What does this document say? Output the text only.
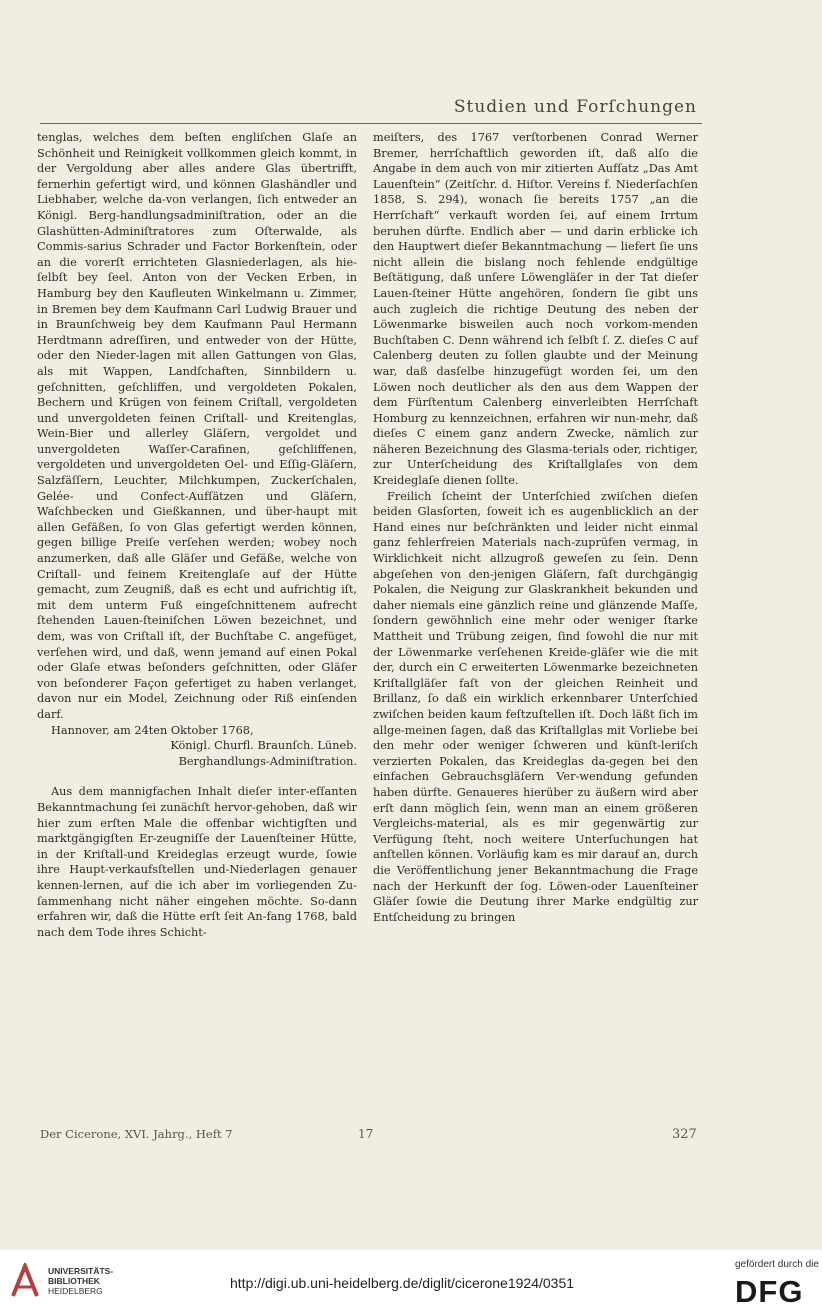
Studien und Forſchungen

tenglas, welches dem beſten engliſchen Glaſe an Schönheit und Reinigkeit vollkommen gleich kommt, in der Vergoldung aber alles andere Glas übertrifft, fernerhin gefertigt wird, und können Glashändler und Liebhaber, welche da-von verlangen, ſich entweder an Königl. Berg-handlungsadminiſtration, oder an die Glashütten-Adminiſtratores zum Oſterwalde, als Commis-sarius Schrader und Factor Borkenſtein, oder an die vorerſt errichteten Glasniederlagen, als hie-ſelbſt bey ſeel. Anton von der Vecken Erben, in Hamburg bey den Kaufleuten Winkelmann u. Zimmer, in Bremen bey dem Kaufmann Carl Ludwig Brauer und in Braunſchweig bey dem Kaufmann Paul Hermann Herdtmann adreſſiren, und entweder von der Hütte, oder den Nieder-lagen mit allen Gattungen von Glas, als mit Wappen, Landſchaften, Sinnbildern u. geſchnitten, geſchliffen, und vergoldeten Pokalen, Bechern und Krügen von feinem Criſtall, vergoldeten und unvergoldeten feinen Criſtall- und Kreitenglas, Wein-Bier und allerley Gläſern, vergoldet und unvergoldeten Waſſer-Carafinen, geſchliffenen, vergoldeten und unvergoldeten Oel- und Eſſig-Gläſern, Salzfäſſern, Leuchter, Milchkumpen, Zuckerſchalen, Gelée- und Confect-Aufſätzen und Gläſern, Waſchbecken und Gießkannen, und über-haupt mit allen Gefäßen, ſo von Glas gefertigt werden können, gegen billige Preiſe verſehen werden; wobey noch anzumerken, daß alle Gläſer und Gefäße, welche von Criſtall- und feinem Kreitenglaſe auf der Hütte gemacht, zum Zeugniß, daß es echt und aufrichtig iſt, mit dem unterm Fuß eingeſchnittenem aufrecht ſtehenden Lauen-ſteiniſchen Löwen bezeichnet, und dem, was von Criſtall iſt, der Buchſtabe C. angefüget, verſehen wird, und daß, wenn jemand auf einen Pokal oder Glaſe etwas beſonders geſchnitten, oder Gläſer von beſonderer Façon gefertiget zu haben verlanget, davon nur ein Model, Zeichnung oder Riß einſenden darf.

Hannover, am 24ten Oktober 1768,

Königl. Churfl. Braunſch. Lüneb.

Berghandlungs-Adminiſtration.

Aus dem mannigfachen Inhalt dieſer inter-eſſanten Bekanntmachung ſei zunächſt hervor-gehoben, daß wir hier zum erſten Male die offenbar wichtigſten und marktgängigſten Er-zeugniſſe der Lauenſteiner Hütte, in der Kriſtall-und Kreideglas erzeugt wurde, ſowie ihre Haupt-verkaufsſtellen und-Niederlagen genauer kennen-lernen, auf die ich aber im vorliegenden Zu-ſammenhang nicht näher eingehen möchte. So-dann erfahren wir, daß die Hütte erſt ſeit An-fang 1768, bald nach dem Tode ihres Schicht-

meiſters, des 1767 verſtorbenen Conrad Werner Bremer, herrſchaftlich geworden iſt, daß alſo die Angabe in dem auch von mir zitierten Aufſatz „Das Amt Lauenſtein“ (Zeitſchr. d. Hiſtor. Vereins f. Niederſachſen 1858, S. 294), wonach ſie bereits 1757 „an die Herrſchaft“ verkauft worden ſei, auf einem Irrtum beruhen dürfte. Endlich aber — und darin erblicke ich den Hauptwert dieſer Bekanntmachung — liefert ſie uns nicht allein die bislang noch fehlende endgültige Beſtätigung, daß unſere Löwengläſer in der Tat dieſer Lauen-ſteiner Hütte angehören, ſondern ſie gibt uns auch zugleich die richtige Deutung des neben der Löwenmarke bisweilen auch noch vorkom-menden Buchſtaben C. Denn während ich ſelbſt ſ. Z. dieſes C auf Calenberg deuten zu ſollen glaubte und der Meinung war, daß dasſelbe hinzugefügt worden ſei, um den Löwen noch deutlicher als den aus dem Wappen der dem Fürſtentum Calenberg einverleibten Herrſchaft Homburg zu kennzeichnen, erfahren wir nun-mehr, daß dieſes C einem ganz andern Zwecke, nämlich zur näheren Bezeichnung des Glasma-terials oder, richtiger, zur Unterſcheidung des Kriſtallglaſes von dem Kreideglaſe dienen ſollte.

Freilich ſcheint der Unterſchied zwiſchen dieſen beiden Glasſorten, ſoweit ich es augenblicklich an der Hand eines nur beſchränkten und leider nicht einmal ganz fehlerfreien Materials nach-zuprüfen vermag, in Wirklichkeit nicht allzugroß geweſen zu ſein. Denn abgeſehen von den-jenigen Gläſern, faſt durchgängig Pokalen, die Neigung zur Glaskrankheit bekunden und daher niemals eine gänzlich reine und glänzende Maſſe, ſondern gewöhnlich eine mehr oder weniger ſtarke Mattheit und Trübung zeigen, ſind ſowohl die nur mit der Löwenmarke verſehenen Kreide-gläſer wie die mit der, durch ein C erweiterten Löwenmarke bezeichneten Kriſtallgläſer faſt von der gleichen Reinheit und Brillanz, ſo daß ein wirklich erkennbarer Unterſchied zwiſchen beiden kaum feſtzuſtellen iſt. Doch läßt ſich im allge-meinen ſagen, daß das Kriſtallglas mit Vorliebe bei den mehr oder weniger ſchweren und künſt-leriſch verzierten Pokalen, das Kreideglas da-gegen bei den einfachen Gebrauchsgläſern Ver-wendung gefunden haben dürfte. Genaueres hierüber zu äußern wird aber erſt dann möglich ſein, wenn man an einem größeren Vergleichs-material, als es mir gegenwärtig zur Verfügung ſteht, noch weitere Unterſuchungen hat anſtellen können. Vorläufig kam es mir darauf an, durch die Veröffentlichung jener Bekanntmachung die Frage nach der Herkunft der ſog. Löwen-oder Lauenſteiner Gläſer ſowie die Deutung ihrer Marke endgültig zur Entſcheidung zu bringen

Der Cicerone, XVI. Jahrg., Heft 7	17	327
UNIVERSITÄTS-
BIBLIOTHEK
HEIDELBERG	http://digi.ub.uni-heidelberg.de/diglit/cicerone1924/0351
gefördert durch die
DFG
